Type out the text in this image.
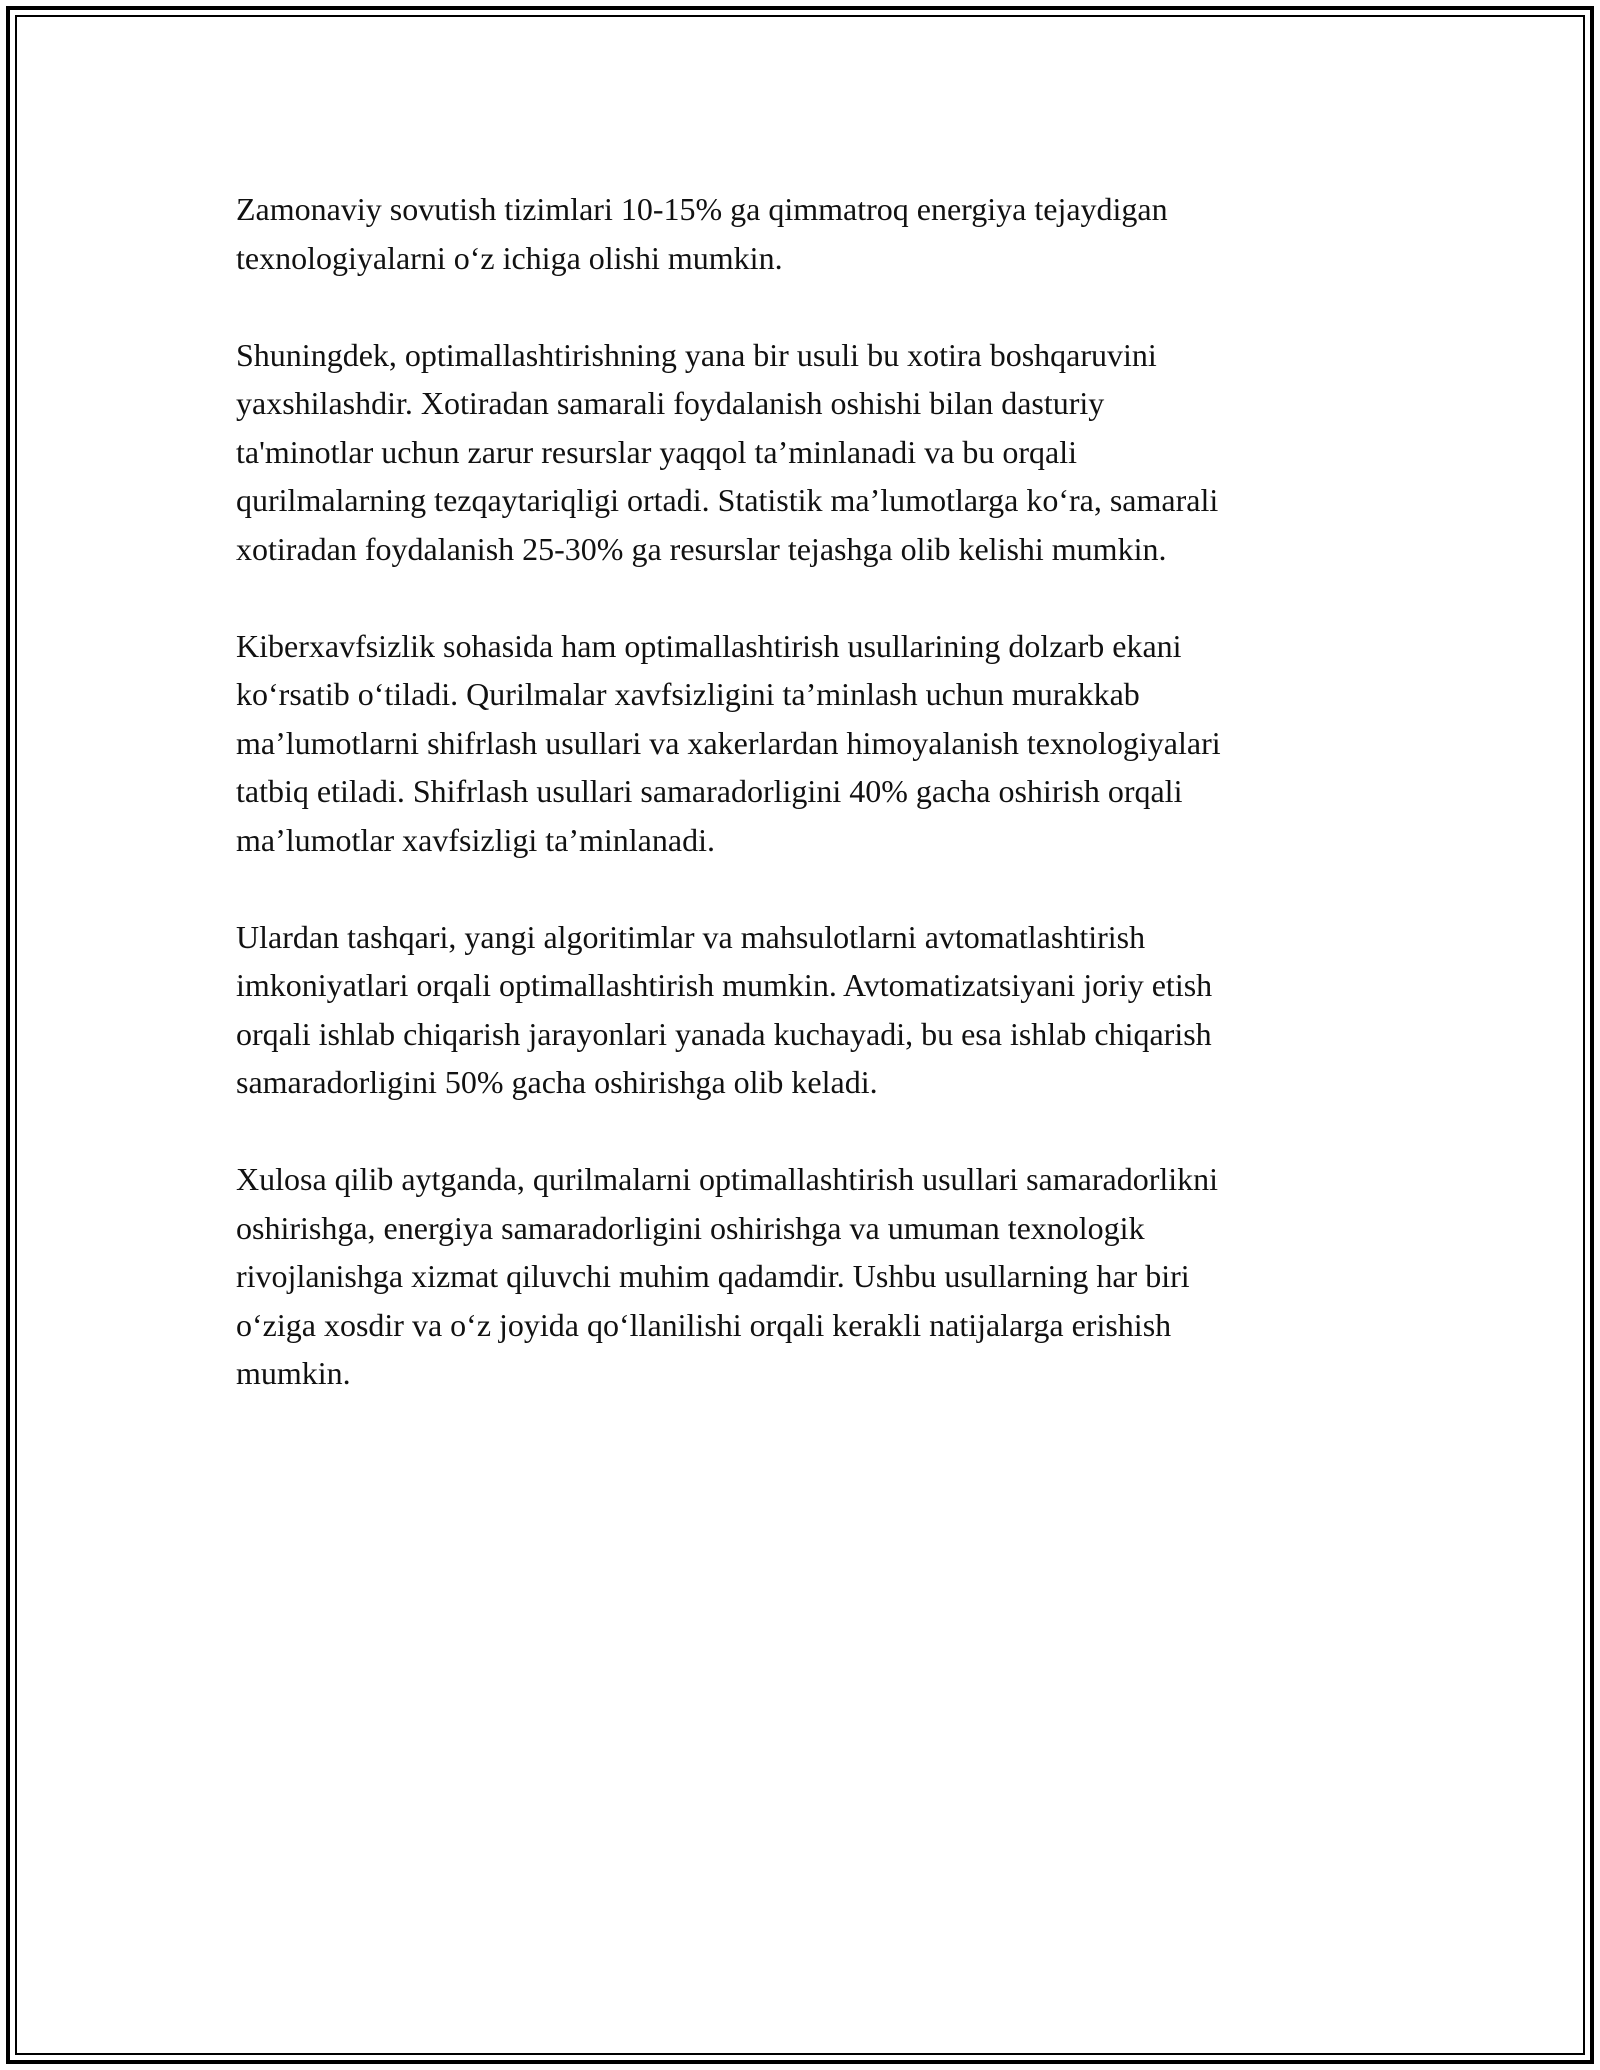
Zamonaviy sovutish tizimlari 10-15% ga qimmatroq energiya tejaydigan
texnologiyalarni o‘z ichiga olishi mumkin.

Shuningdek, optimallashtirishning yana bir usuli bu xotira boshqaruvini
yaxshilashdir. Xotiradan samarali foydalanish oshishi bilan dasturiy
ta'minotlar uchun zarur resurslar yaqqol ta’minlanadi va bu orqali
qurilmalarning tezqaytariqligi ortadi. Statistik ma’lumotlarga ko‘ra, samarali
xotiradan foydalanish 25-30% ga resurslar tejashga olib kelishi mumkin.

Kiberxavfsizlik sohasida ham optimallashtirish usullarining dolzarb ekani
ko‘rsatib o‘tiladi. Qurilmalar xavfsizligini ta’minlash uchun murakkab
ma’lumotlarni shifrlash usullari va xakerlardan himoyalanish texnologiyalari
tatbiq etiladi. Shifrlash usullari samaradorligini 40% gacha oshirish orqali
ma’lumotlar xavfsizligi ta’minlanadi.

Ulardan tashqari, yangi algoritimlar va mahsulotlarni avtomatlashtirish
imkoniyatlari orqali optimallashtirish mumkin. Avtomatizatsiyani joriy etish
orqali ishlab chiqarish jarayonlari yanada kuchayadi, bu esa ishlab chiqarish
samaradorligini 50% gacha oshirishga olib keladi.

Xulosa qilib aytganda, qurilmalarni optimallashtirish usullari samaradorlikni
oshirishga, energiya samaradorligini oshirishga va umuman texnologik
rivojlanishga xizmat qiluvchi muhim qadamdir. Ushbu usullarning har biri
o‘ziga xosdir va o‘z joyida qo‘llanilishi orqali kerakli natijalarga erishish
mumkin.
